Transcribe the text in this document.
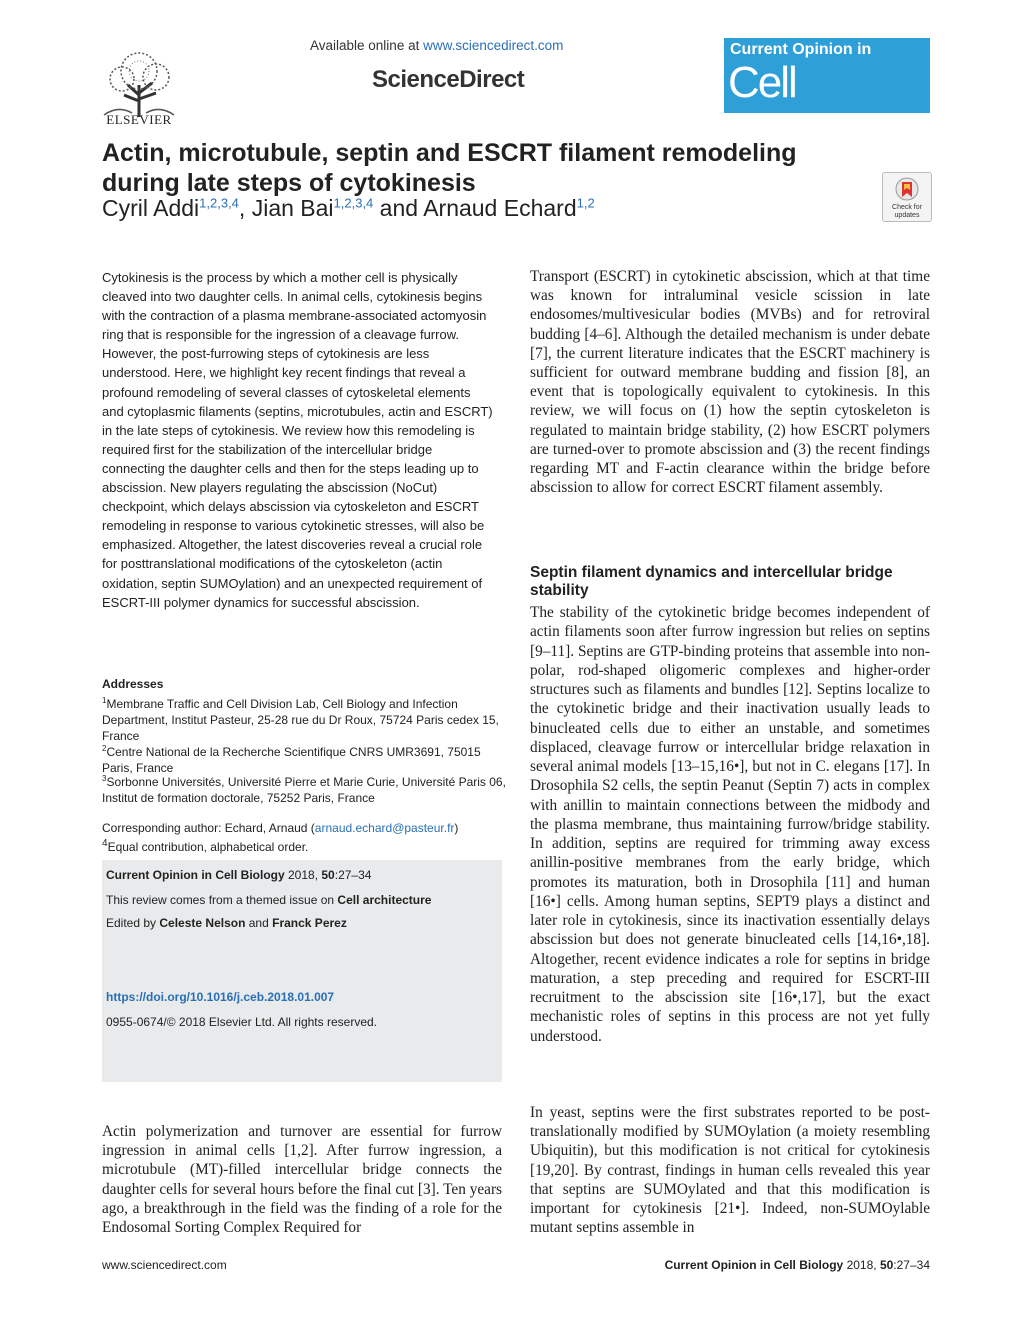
ELSEVIER
Available online at www.sciencedirect.com
ScienceDirect
Current Opinion in
Cell Biology
Actin, microtubule, septin and ESCRT filament remodeling during late steps of cytokinesis
Cyril Addi$^{1,2,3,4}$, Jian Bai$^{1,2,3,4}$ and Arnaud Echard$^{1,2}$	Check for updates
Cytokinesis is the process by which a mother cell is physically cleaved into two daughter cells. In animal cells, cytokinesis begins with the contraction of a plasma membrane-associated actomyosin ring that is responsible for the ingression of a cleavage furrow. However, the post-furrowing steps of cytokinesis are less understood. Here, we highlight key recent findings that reveal a profound remodeling of several classes of cytoskeletal elements and cytoplasmic filaments (septins, microtubules, actin and ESCRT) in the late steps of cytokinesis. We review how this remodeling is required first for the stabilization of the intercellular bridge connecting the daughter cells and then for the steps leading up to abscission. New players regulating the abscission (NoCut) checkpoint, which delays abscission via cytoskeleton and ESCRT remodeling in response to various cytokinetic stresses, will also be emphasized. Altogether, the latest discoveries reveal a crucial role for posttranslational modifications of the cytoskeleton (actin oxidation, septin SUMOylation) and an unexpected requirement of ESCRT-III polymer dynamics for successful abscission.
Addresses
$^1$Membrane Traffic and Cell Division Lab, Cell Biology and Infection Department, Institut Pasteur, 25-28 rue du Dr Roux, 75724 Paris cedex 15, France
$^2$Centre National de la Recherche Scientifique CNRS UMR3691, 75015 Paris, France
$^3$Sorbonne Universités, Université Pierre et Marie Curie, Université Paris 06, Institut de formation doctorale, 75252 Paris, France
Corresponding author: Echard, Arnaud (arnaud.echard@pasteur.fr)
$^4$Equal contribution, alphabetical order.
Current Opinion in Cell Biology 2018, 50:27–34
This review comes from a themed issue on Cell architecture
Edited by Celeste Nelson and Franck Perez
https://doi.org/10.1016/j.ceb.2018.01.007
0955-0674/© 2018 Elsevier Ltd. All rights reserved.
Actin polymerization and turnover are essential for furrow ingression in animal cells [1,2]. After furrow ingression, a microtubule (MT)-filled intercellular bridge connects the daughter cells for several hours before the final cut [3]. Ten years ago, a breakthrough in the field was the finding of a role for the Endosomal Sorting Complex Required for
Transport (ESCRT) in cytokinetic abscission, which at that time was known for intraluminal vesicle scission in late endosomes/multivesicular bodies (MVBs) and for retroviral budding [4–6]. Although the detailed mechanism is under debate [7], the current literature indicates that the ESCRT machinery is sufficient for outward membrane budding and fission [8], an event that is topologically equivalent to cytokinesis. In this review, we will focus on (1) how the septin cytoskeleton is regulated to maintain bridge stability, (2) how ESCRT polymers are turned-over to promote abscission and (3) the recent findings regarding MT and F-actin clearance within the bridge before abscission to allow for correct ESCRT filament assembly.
Septin filament dynamics and intercellular bridge stability
The stability of the cytokinetic bridge becomes independent of actin filaments soon after furrow ingression but relies on septins [9–11]. Septins are GTP-binding proteins that assemble into non-polar, rod-shaped oligomeric complexes and higher-order structures such as filaments and bundles [12]. Septins localize to the cytokinetic bridge and their inactivation usually leads to binucleated cells due to either an unstable, and sometimes displaced, cleavage furrow or intercellular bridge relaxation in several animal models [13–15,16•], but not in C. elegans [17]. In Drosophila S2 cells, the septin Peanut (Septin 7) acts in complex with anillin to maintain connections between the midbody and the plasma membrane, thus maintaining furrow/bridge stability. In addition, septins are required for trimming away excess anillin-positive membranes from the early bridge, which promotes its maturation, both in Drosophila [11] and human [16•] cells. Among human septins, SEPT9 plays a distinct and later role in cytokinesis, since its inactivation essentially delays abscission but does not generate binucleated cells [14,16•,18]. Altogether, recent evidence indicates a role for septins in bridge maturation, a step preceding and required for ESCRT-III recruitment to the abscission site [16•,17], but the exact mechanistic roles of septins in this process are not yet fully understood.
In yeast, septins were the first substrates reported to be post-translationally modified by SUMOylation (a moiety resembling Ubiquitin), but this modification is not critical for cytokinesis [19,20]. By contrast, findings in human cells revealed this year that septins are SUMOylated and that this modification is important for cytokinesis [21•]. Indeed, non-SUMOylable mutant septins assemble in
www.sciencedirect.com	Current Opinion in Cell Biology 2018, 50:27–34
